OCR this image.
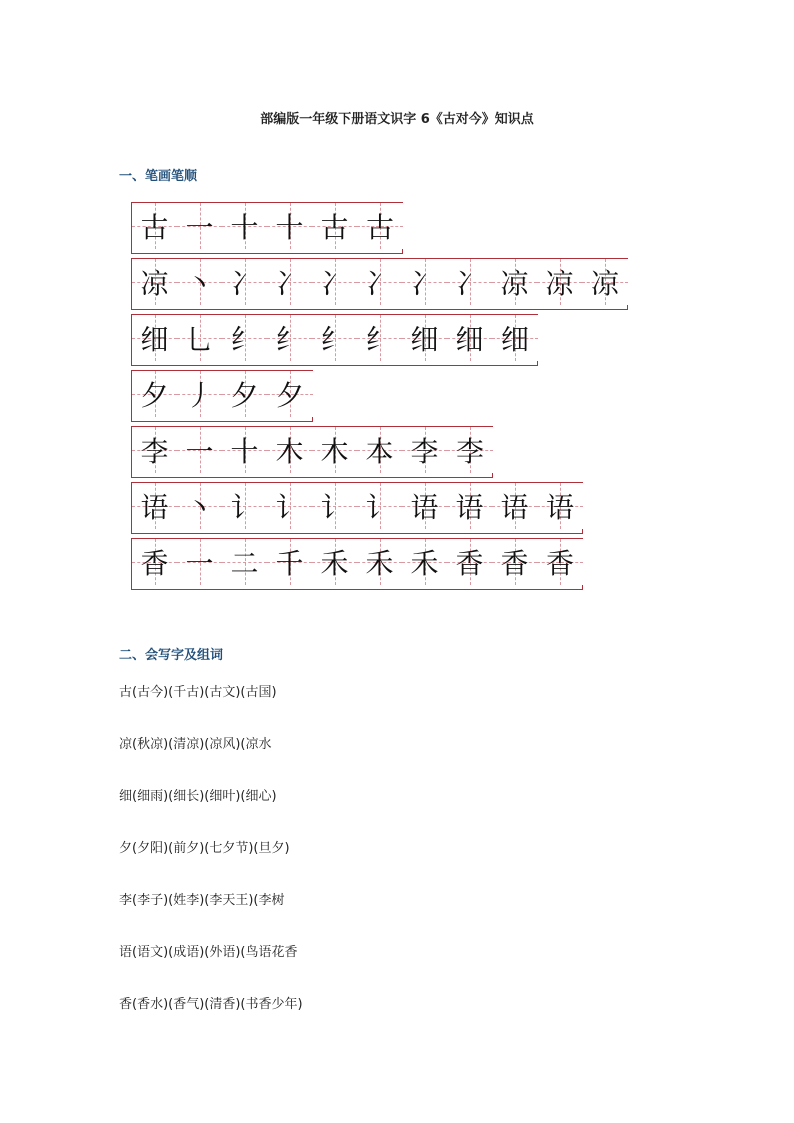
部编版一年级下册语文识字 6《古对今》知识点
一、笔画笔顺
古 一 十 十 古 古
凉 丶 冫 冫 冫 冫 冫 冫 凉 凉 凉
细 乚 纟 纟 纟 纟 细 细 细
夕 丿 夕 夕
李 一 十 木 木 本 李 李
语 丶 讠 讠 讠 讠 语 语 语 语
香 一 二 千 禾 禾 禾 香 香 香
二、会写字及组词
古(古今)(千古)(古文)(古国)
凉(秋凉)(清凉)(凉风)(凉水
细(细雨)(细长)(细叶)(细心)
夕(夕阳)(前夕)(七夕节)(旦夕)
李(李子)(姓李)(李天王)(李树
语(语文)(成语)(外语)(鸟语花香
香(香水)(香气)(清香)(书香少年)
